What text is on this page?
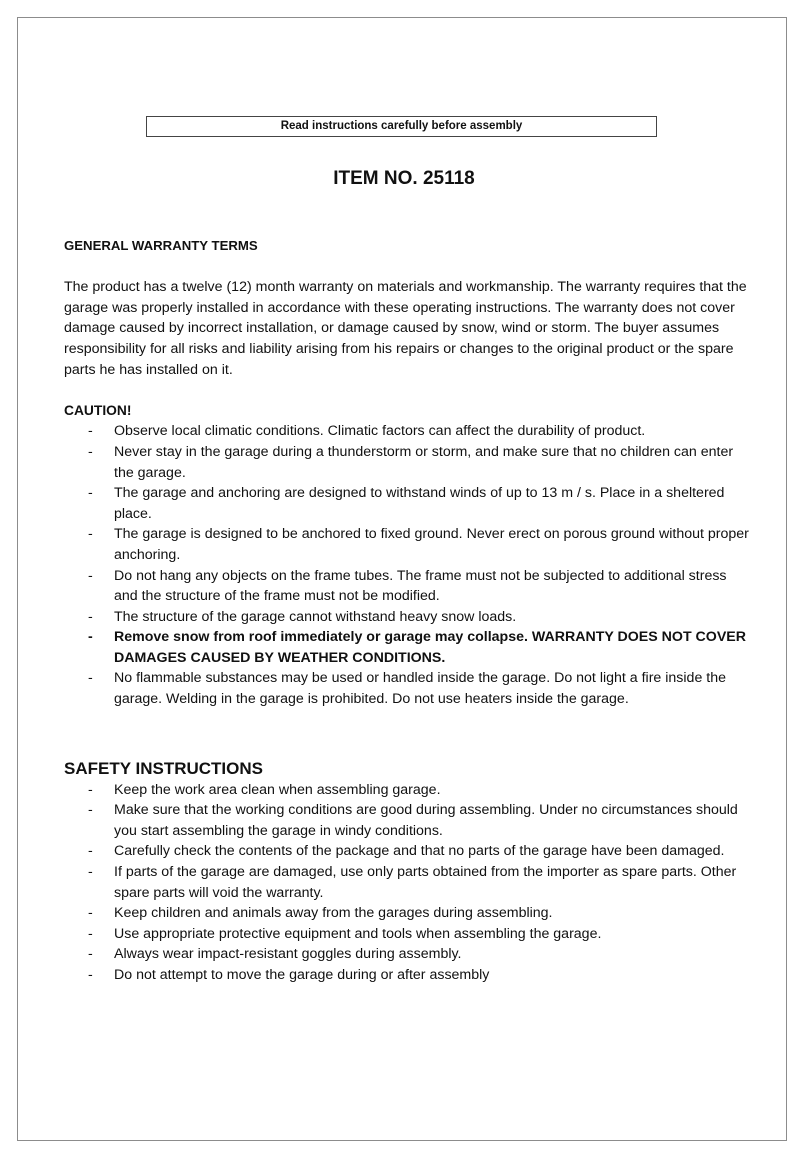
Read instructions carefully before assembly
ITEM NO. 25118
GENERAL WARRANTY TERMS

The product has a twelve (12) month warranty on materials and workmanship. The warranty requires that the garage was properly installed in accordance with these operating instructions. The warranty does not cover damage caused by incorrect installation, or damage caused by snow, wind or storm. The buyer assumes responsibility for all risks and liability arising from his repairs or changes to the original product or the spare parts he has installed on it.

CAUTION!
- Observe local climatic conditions. Climatic factors can affect the durability of product.
- Never stay in the garage during a thunderstorm or storm, and make sure that no children can enter the garage.
- The garage and anchoring are designed to withstand winds of up to 13 m / s. Place in a sheltered place.
- The garage is designed to be anchored to fixed ground. Never erect on porous ground without proper anchoring.
- Do not hang any objects on the frame tubes. The frame must not be subjected to additional stress and the structure of the frame must not be modified.
- The structure of the garage cannot withstand heavy snow loads.
- Remove snow from roof immediately or garage may collapse. WARRANTY DOES NOT COVER DAMAGES CAUSED BY WEATHER CONDITIONS.
- No flammable substances may be used or handled inside the garage. Do not light a fire inside the garage. Welding in the garage is prohibited. Do not use heaters inside the garage.
SAFETY INSTRUCTIONS
- Keep the work area clean when assembling garage.
- Make sure that the working conditions are good during assembling. Under no circumstances should you start assembling the garage in windy conditions.
- Carefully check the contents of the package and that no parts of the garage have been damaged.
- If parts of the garage are damaged, use only parts obtained from the importer as spare parts. Other spare parts will void the warranty.
- Keep children and animals away from the garages during assembling.
- Use appropriate protective equipment and tools when assembling the garage.
- Always wear impact-resistant goggles during assembly.
- Do not attempt to move the garage during or after assembly
